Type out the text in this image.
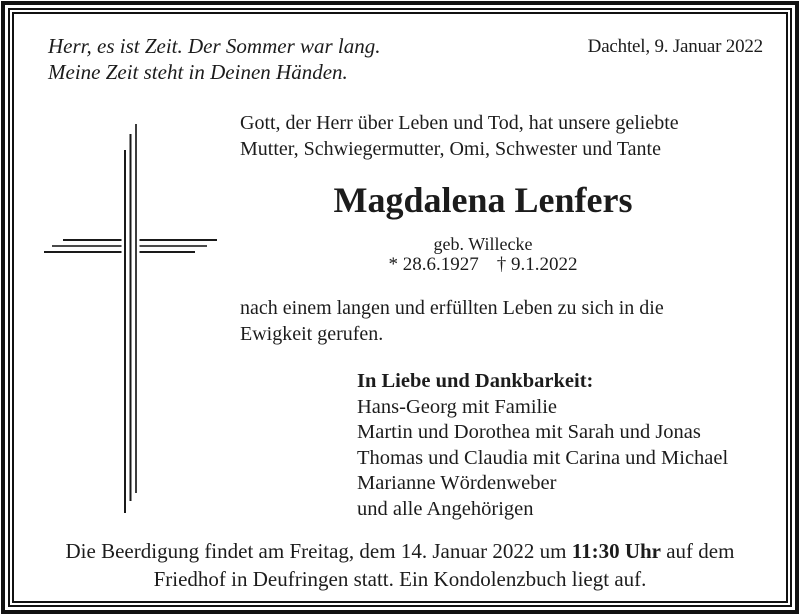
Herr, es ist Zeit. Der Sommer war lang.
Meine Zeit steht in Deinen Händen.
Dachtel, 9. Januar 2022
Gott, der Herr über Leben und Tod, hat unsere geliebte
Mutter, Schwiegermutter, Omi, Schwester und Tante
Magdalena Lenfers
geb. Willecke
* 28.6.1927 † 9.1.2022
nach einem langen und erfüllten Leben zu sich in die
Ewigkeit gerufen.
In Liebe und Dankbarkeit:
Hans-Georg mit Familie
Martin und Dorothea mit Sarah und Jonas
Thomas und Claudia mit Carina und Michael
Marianne Wördenweber
und alle Angehörigen
Die Beerdigung findet am Freitag, dem 14. Januar 2022 um 11:30 Uhr auf dem
Friedhof in Deufringen statt. Ein Kondolenzbuch liegt auf.
